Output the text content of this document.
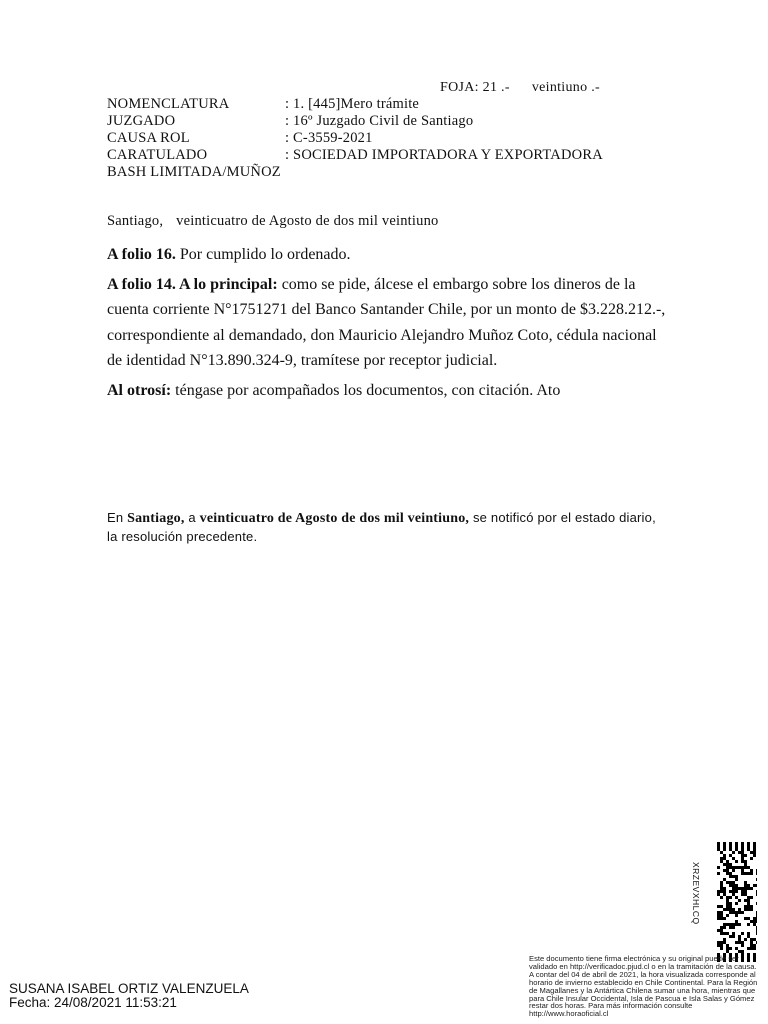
FOJA: 21 .- veintiuno .-
NOMENCLATURA	: 1. [445]Mero trámite
JUZGADO	: 16º Juzgado Civil de Santiago
CAUSA ROL	: C-3559-2021
CARATULADO	: SOCIEDAD IMPORTADORA Y EXPORTADORA
BASH LIMITADA/MUÑOZ
Santiago, veinticuatro de Agosto de dos mil veintiuno

A folio 16. Por cumplido lo ordenado.

A folio 14. A lo principal: como se pide, álcese el embargo sobre los dineros de la cuenta corriente N°1751271 del Banco Santander Chile, por un monto de $3.228.212.-, correspondiente al demandado, don Mauricio Alejandro Muñoz Coto, cédula nacional de identidad N°13.890.324-9, tramítese por receptor judicial.

Al otrosí: téngase por acompañados los documentos, con citación. Ato

En Santiago, a veinticuatro de Agosto de dos mil veintiuno, se notificó por el estado diario, la resolución precedente.
XRZEVXHLCQ
Este documento tiene firma electrónica y su original puede ser validado en http://verificadoc.pjud.cl o en la tramitación de la causa. A contar del 04 de abril de 2021, la hora visualizada corresponde al horario de invierno establecido en Chile Continental. Para la Región de Magallanes y la Antártica Chilena sumar una hora, mientras que para Chile Insular Occidental, Isla de Pascua e Isla Salas y Gómez restar dos horas. Para más información consulte http://www.horaoficial.cl
SUSANA ISABEL ORTIZ VALENZUELA
Fecha: 24/08/2021 11:53:21
